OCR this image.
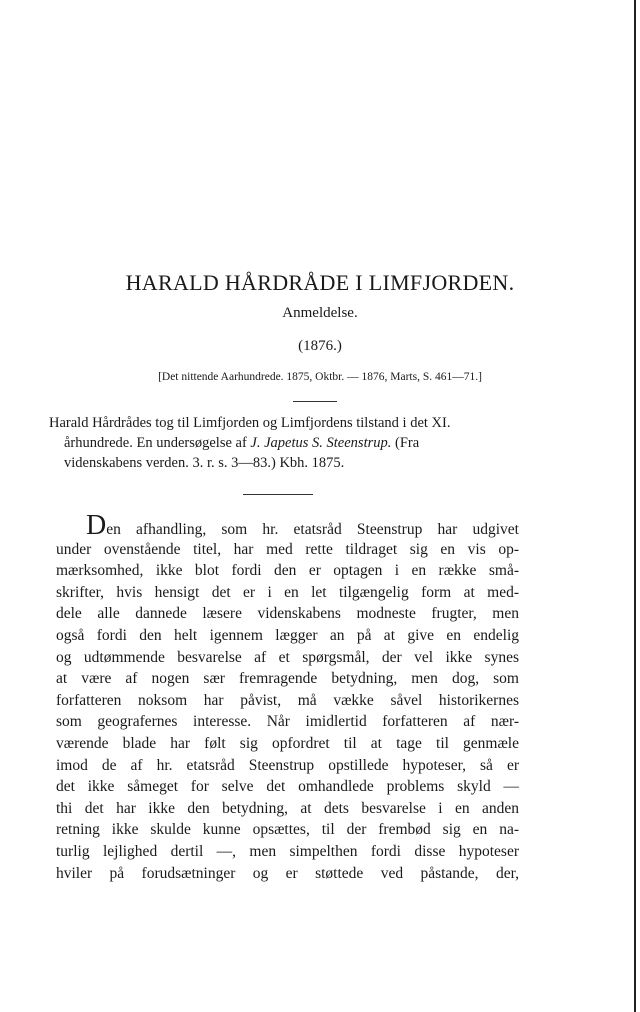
HARALD HÅRDRÅDE I LIMFJORDEN.
Anmeldelse.
(1876.)
[Det nittende Aarhundrede. 1875, Oktbr. — 1876, Marts, S. 461—71.]
Harald Hårdrådes tog til Limfjorden og Limfjordens tilstand i det XI.
århundrede. En undersøgelse af J. Japetus S. Steenstrup. (Fra
videnskabens verden. 3. r. s. 3—83.) Kbh. 1875.
Den afhandling, som hr. etatsråd Steenstrup har udgivet
under ovenstående titel, har med rette tildraget sig en vis op-
mærksomhed, ikke blot fordi den er optagen i en række små-
skrifter, hvis hensigt det er i en let tilgængelig form at med-
dele alle dannede læsere videnskabens modneste frugter, men
også fordi den helt igennem lægger an på at give en endelig
og udtømmende besvarelse af et spørgsmål, der vel ikke synes
at være af nogen sær fremragende betydning, men dog, som
forfatteren noksom har påvist, må vække såvel historikernes
som geografernes interesse. Når imidlertid forfatteren af nær-
værende blade har følt sig opfordret til at tage til genmæle
imod de af hr. etatsråd Steenstrup opstillede hypoteser, så er
det ikke såmeget for selve det omhandlede problems skyld —
thi det har ikke den betydning, at dets besvarelse i en anden
retning ikke skulde kunne opsættes, til der frembød sig en na-
turlig lejlighed dertil —, men simpelthen fordi disse hypoteser
hviler på forudsætninger og er støttede ved påstande, der,
